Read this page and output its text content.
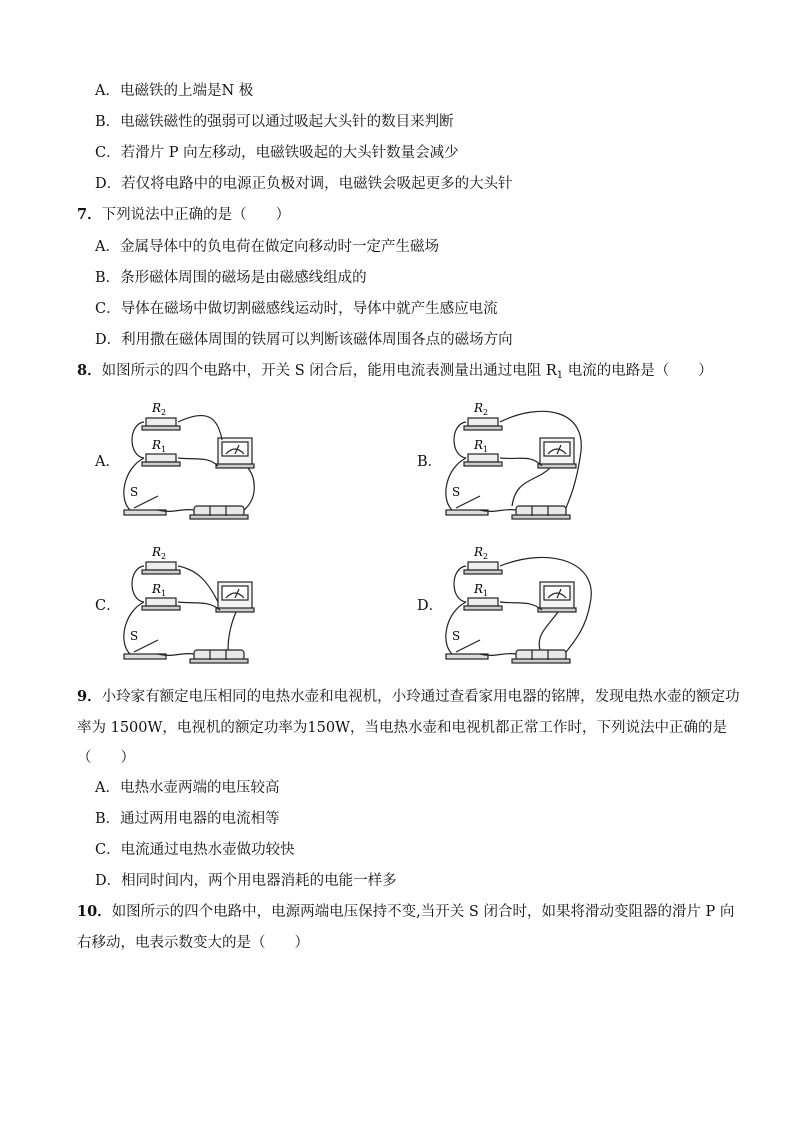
A．电磁铁的上端是N 极
B．电磁铁磁性的强弱可以通过吸起大头针的数目来判断
C．若滑片 P 向左移动，电磁铁吸起的大头针数量会减少
D．若仅将电路中的电源正负极对调，电磁铁会吸起更多的大头针
7．下列说法中正确的是（　　）
A．金属导体中的负电荷在做定向移动时一定产生磁场
B．条形磁体周围的磁场是由磁感线组成的
C．导体在磁场中做切割磁感线运动时，导体中就产生感应电流
D．利用撒在磁体周围的铁屑可以判断该磁体周围各点的磁场方向
8．如图所示的四个电路中，开关 S 闭合后，能用电流表测量出通过电阻 $R_1$ 电流的电路是（　　）
A．
$R_2$
$R_1$
S
B．
$R_2$
$R_1$
S
C．
$R_2$
$R_1$
S
D．
$R_2$
$R_1$
S
9．小玲家有额定电压相同的电热水壶和电视机，小玲通过查看家用电器的铭牌，发现电热水壶的额定功
率为 1500W，电视机的额定功率为150W，当电热水壶和电视机都正常工作时，下列说法中正确的是
（　　）
A．电热水壶两端的电压较高
B．通过两用电器的电流相等
C．电流通过电热水壶做功较快
D．相同时间内，两个用电器消耗的电能一样多
10．如图所示的四个电路中，电源两端电压保持不变,当开关 S 闭合时，如果将滑动变阻器的滑片 P 向
右移动，电表示数变大的是（　　）
